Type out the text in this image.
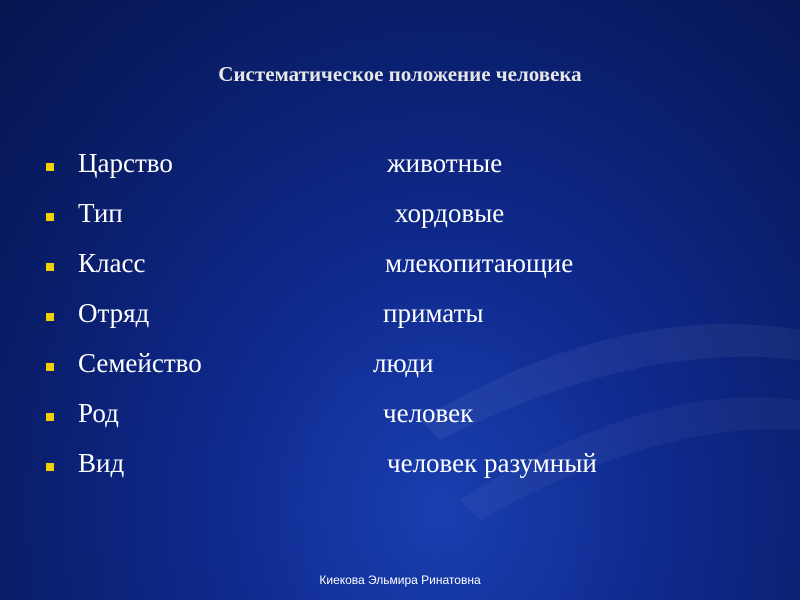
Систематическое положение человека
Царство	животные
Тип	хордовые
Класс	млекопитающие
Отряд	приматы
Семейство	люди
Род	человек
Вид	человек разумный
Киекова Эльмира Ринатовна
